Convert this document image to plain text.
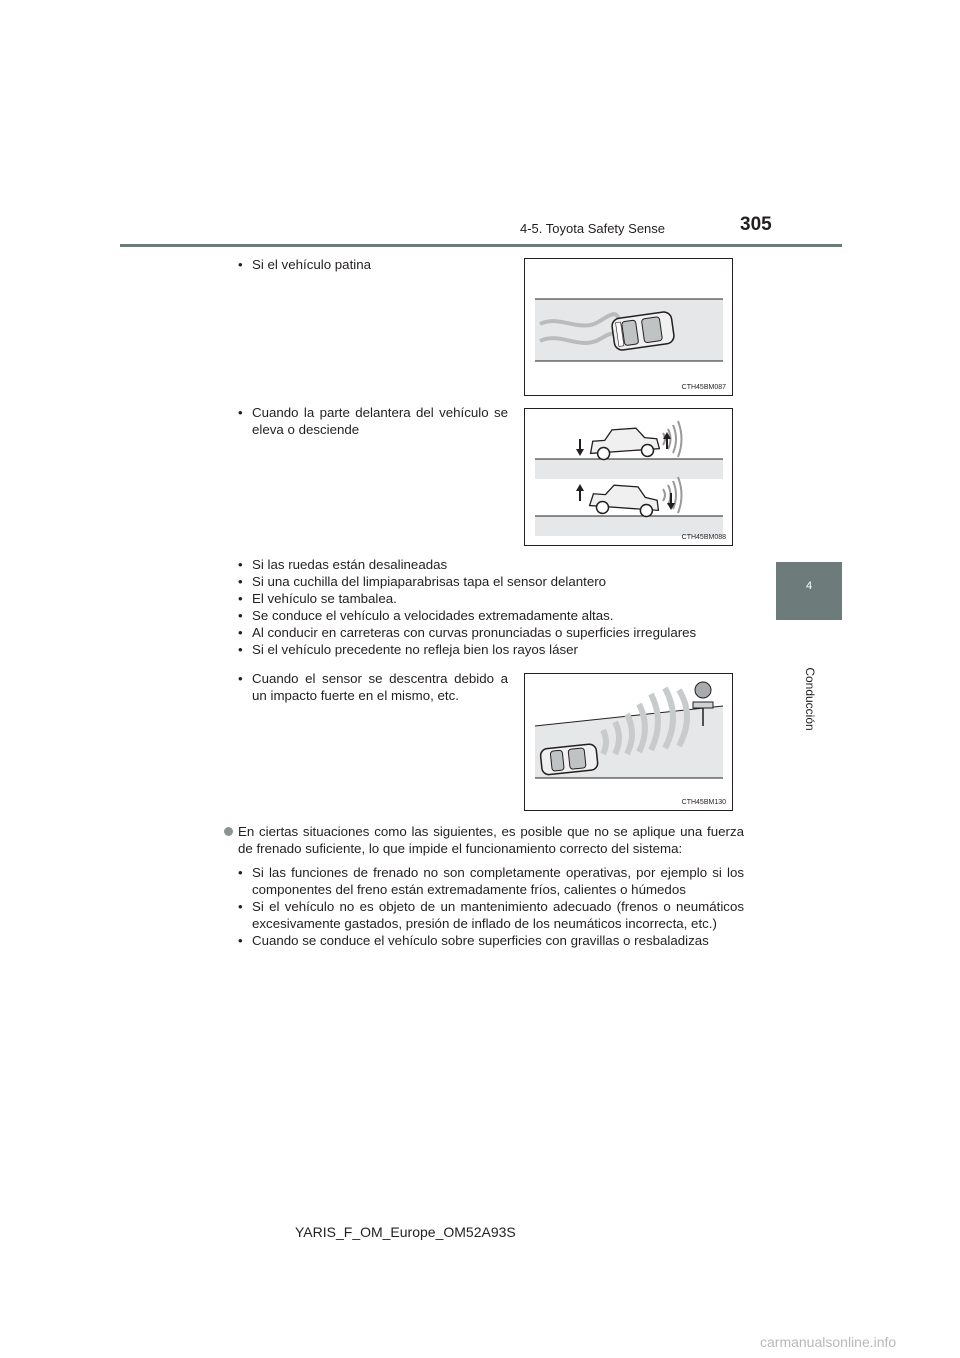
4-5. Toyota Safety Sense	305
4
Conducción
• Si el vehículo patina
CTH45BM087
• Cuando la parte delantera del vehículo se
eleva o desciende
CTH45BM088
• Si las ruedas están desalineadas
• Si una cuchilla del limpiaparabrisas tapa el sensor delantero
• El vehículo se tambalea.
• Se conduce el vehículo a velocidades extremadamente altas.
• Al conducir en carreteras con curvas pronunciadas o superficies irregulares
• Si el vehículo precedente no refleja bien los rayos láser
• Cuando el sensor se descentra debido a
un impacto fuerte en el mismo, etc.
CTH45BM130
En ciertas situaciones como las siguientes, es posible que no se aplique una fuerza
de frenado suficiente, lo que impide el funcionamiento correcto del sistema:
• Si las funciones de frenado no son completamente operativas, por ejemplo si los
componentes del freno están extremadamente fríos, calientes o húmedos
• Si el vehículo no es objeto de un mantenimiento adecuado (frenos o neumáticos
excesivamente gastados, presión de inflado de los neumáticos incorrecta, etc.)
• Cuando se conduce el vehículo sobre superficies con gravillas o resbaladizas
YARIS_F_OM_Europe_OM52A93S
carmanualsonline.info
